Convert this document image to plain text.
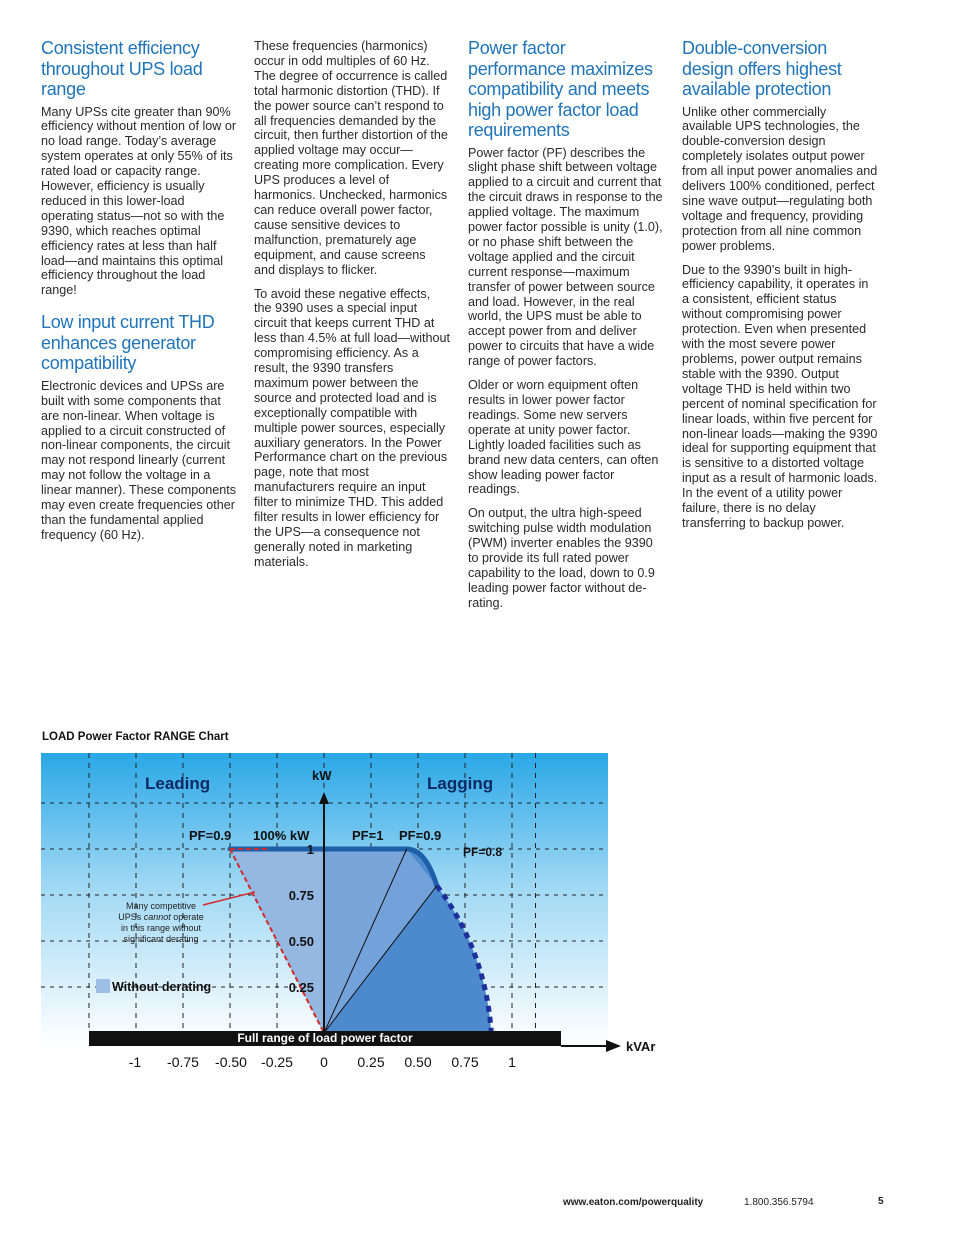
Consistent efficiency throughout UPS load range

Many UPSs cite greater than 90% efficiency without mention of low or no load range. Today’s average system operates at only 55% of its rated load or capacity range. However, efficiency is usually reduced in this lower-load operating status—not so with the 9390, which reaches optimal efficiency rates at less than half load—and maintains this optimal efficiency throughout the load range!

Low input current THD enhances generator compatibility

Electronic devices and UPSs are built with some components that are non-linear. When voltage is applied to a circuit constructed of non-linear components, the circuit may not respond linearly (current may not follow the voltage in a linear manner). These components may even create frequencies other than the fundamental applied frequency (60 Hz).

These frequencies (harmonics) occur in odd multiples of 60 Hz. The degree of occurrence is called total harmonic distortion (THD). If the power source can’t respond to all frequencies demanded by the circuit, then further distortion of the applied voltage may occur—creating more complication. Every UPS produces a level of harmonics. Unchecked, harmonics can reduce overall power factor, cause sensitive devices to malfunction, prematurely age equipment, and cause screens and displays to flicker.

To avoid these negative effects, the 9390 uses a special input circuit that keeps current THD at less than 4.5% at full load—without compromising efficiency. As a result, the 9390 transfers maximum power between the source and protected load and is exceptionally compatible with multiple power sources, especially auxiliary generators. In the Power Performance chart on the previous page, note that most manufacturers require an input filter to minimize THD. This added filter results in lower efficiency for the UPS—a consequence not generally noted in marketing materials.

Power factor performance maximizes compatibility and meets high power factor load requirements

Power factor (PF) describes the slight phase shift between voltage applied to a circuit and current that the circuit draws in response to the applied voltage. The maximum power factor possible is unity (1.0), or no phase shift between the voltage applied and the circuit current response—maximum transfer of power between source and load. However, in the real world, the UPS must be able to accept power from and deliver power to circuits that have a wide range of power factors.

Older or worn equipment often results in lower power factor readings. Some new servers operate at unity power factor. Lightly loaded facilities such as brand new data centers, can often show leading power factor readings.

On output, the ultra high-speed switching pulse width modulation (PWM) inverter enables the 9390 to provide its full rated power capability to the load, down to 0.9 leading power factor without de-rating.

Double-conversion design offers highest available protection

Unlike other commercially available UPS technologies, the double-conversion design completely isolates output power from all input power anomalies and delivers 100% conditioned, perfect sine wave output—regulating both voltage and frequency, providing protection from all nine common power problems.

Due to the 9390’s built in high-efficiency capability, it operates in a consistent, efficient status without compromising power protection. Even when presented with the most severe power problems, power output remains stable with the 9390. Output voltage THD is held within two percent of nominal specification for linear loads, within five percent for non-linear loads—making the 9390 ideal for supporting equipment that is sensitive to a distorted voltage input as a result of harmonic loads. In the event of a utility power failure, there is no delay transferring to backup power.

LOAD Power Factor RANGE Chart
Full range of load power factor
Leading	Lagging
kW
kVAr
PF=0.9 100% kW	PF=1 PF=0.9
PF=0.8
Many competitive
UPSs cannot operate
in this range without
significant derating
Without derating	0.25
0.50
0.75
1
-1 -0.75 -0.50 -0.25 0 0.25 0.50 0.75 1
www.eaton.com/powerquality	1.800.356.5794	5
